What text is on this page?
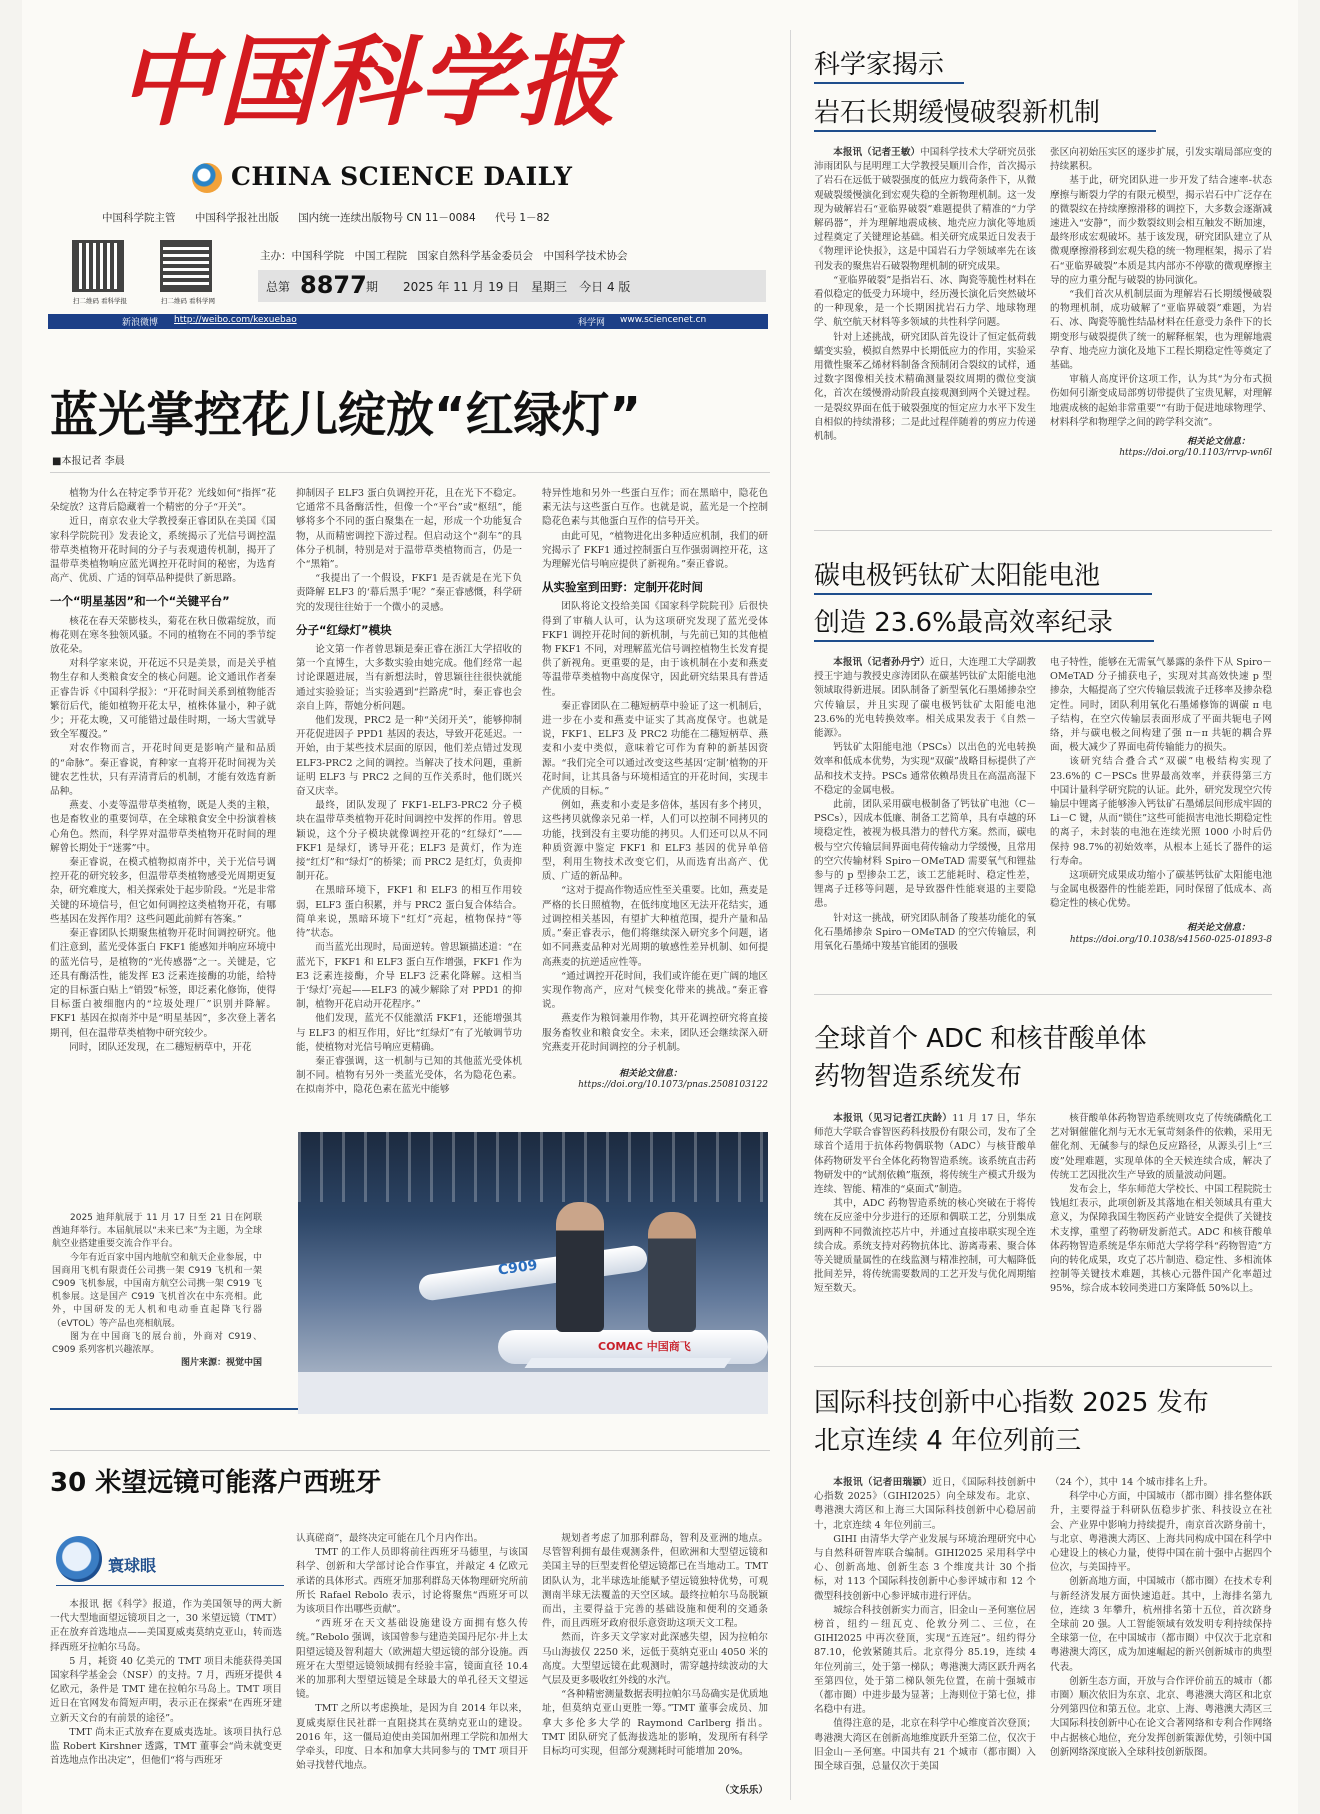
中国科学报
CHINA SCIENCE DAILY
中国科学院主管 中国科学报社出版 国内统一连续出版物号 CN 11－0084 代号 1－82
扫二维码 看科学报	扫二维码 看科学网
主办：中国科学院　中国工程院　国家自然科学基金委员会　中国科学技术协会
总第 8877 期 2025 年 11 月 19 日　星期三　今日 4 版
新浪微博 http://weibo.com/kexuebao	科学网 www.sciencenet.cn
蓝光掌控花儿绽放“红绿灯”
■本报记者 李晨

植物为什么在特定季节开花？光线如何“指挥”花朵绽放？这背后隐藏着一个精密的分子“开关”。

近日，南京农业大学教授秦正睿团队在美国《国家科学院院刊》发表论文，系统揭示了光信号调控温带草类植物开花时间的分子与表观遗传机制，揭开了温带草类植物响应蓝光调控开花时间的秘密，为选育高产、优质、广适的饲草品种提供了新思路。

一个“明星基因”和一个“关键平台”

核花在春天荣膨枝头，菊花在秋日傲霜绽放，而梅花则在寒冬独领风骚。不同的植物在不同的季节绽放花朵。

对科学家来说，开花远不只是美景，而是关乎植物生存和人类粮食安全的核心问题。论文通讯作者秦正睿告诉《中国科学报》：“开花时间关系到植物能否繁衍后代，能如植物开花太早，植株体量小，种子就少；开花太晚，又可能错过最佳时期，一场大雪就导致全军覆没。”

对农作物而言，开花时间更是影响产量和品质的“命脉”。秦正睿说，育种家一直将开花时间视为关键农艺性状，只有弄清背后的机制，才能有效选育新品种。

燕麦、小麦等温带草类植物，既是人类的主粮，也是畜牧业的重要饲草，在全球粮食安全中扮演着核心角色。然而，科学界对温带草类植物开花时间的理解曾长期处于“迷雾”中。

秦正睿说，在模式植物拟南芥中，关于光信号调控开花的研究较多，但温带草类植物感受光周期更复杂，研究难度大，相关探索处于起步阶段。“光是非常关键的环境信号，但它如何调控这类植物开花，有哪些基因在发挥作用？这些问题此前鲜有答案。”

秦正睿团队长期聚焦植物开花时间调控研究。他们注意到，蓝光受体蛋白 FKF1 能感知并响应环境中的蓝光信号，是植物的“光传感器”之一。关键是，它还具有酶活性，能发挥 E3 泛素连接酶的功能，给特定的目标蛋白贴上“销毁”标签，即泛素化修饰，使得目标蛋白被细胞内的“垃圾处理厂”识别并降解。FKF1 基因在拟南芥中是“明星基因”，多次登上著名期刊，但在温带草类植物中研究较少。

同时，团队还发现，在二穗短柄草中，开花

抑制因子 ELF3 蛋白负调控开花，且在光下不稳定。它通常不具备酶活性，但像一个“平台”或“枢纽”，能够将多个不同的蛋白聚集在一起，形成一个功能复合物，从而精密调控下游过程。但启动这个“刹车”的具体分子机制，特别是对于温带草类植物而言，仍是一个“黑箱”。

“我提出了一个假设，FKF1 是否就是在光下负责降解 ELF3 的‘幕后黑手’呢？”秦正睿感慨，科学研究的发现往往始于一个微小的灵感。

分子“红绿灯”模块

论文第一作者曾思颖是秦正睿在浙江大学招收的第一个直博生，大多数实验由她完成。他们经常一起讨论课题进展，当有新想法时，曾思颖往往很快就能通过实验验证；当实验遇到“拦路虎”时，秦正睿也会亲自上阵，帮她分析问题。

他们发现，PRC2 是一种“关闭开关”，能够抑制开花促进因子 PPD1 基因的表达，导致开花延迟。一开始，由于某些技术层面的原因，他们差点错过发现 ELF3-PRC2 之间的调控。当解决了技术问题，重新证明 ELF3 与 PRC2 之间的互作关系时，他们既兴奋又庆幸。

最终，团队发现了 FKF1-ELF3-PRC2 分子模块在温带草类植物开花时间调控中发挥的作用。曾思颖说，这个分子模块就像调控开花的“红绿灯”——FKF1 是绿灯，诱导开花；ELF3 是黄灯，作为连接“红灯”和“绿灯”的桥梁；而 PRC2 是红灯，负责抑制开花。

在黑暗环境下，FKF1 和 ELF3 的相互作用较弱，ELF3 蛋白积累，并与 PRC2 蛋白复合体结合。简单来说，黑暗环境下“红灯”亮起，植物保持“等待”状态。

而当蓝光出现时，局面逆转。曾思颖描述道：“在蓝光下，FKF1 和 ELF3 蛋白互作增强，FKF1 作为 E3 泛素连接酶，介导 ELF3 泛素化降解。这相当于‘绿灯’亮起——ELF3 的减少解除了对 PPD1 的抑制，植物开花启动开花程序。”

他们发现，蓝光不仅能激活 FKF1，还能增强其与 ELF3 的相互作用，好比“红绿灯”有了光敏调节功能，使植物对光信号响应更精确。

秦正睿强调，这一机制与已知的其他蓝光受体机制不同。植物有另外一类蓝光受体，名为隐花色素。在拟南芥中，隐花色素在蓝光中能够

特异性地和另外一些蛋白互作；而在黑暗中，隐花色素无法与这些蛋白互作。也就是说，蓝光是一个控制隐花色素与其他蛋白互作的信号开关。

由此可见，“植物进化出多种适应机制，我们的研究揭示了 FKF1 通过控制蛋白互作强弱调控开花，这为理解光信号响应提供了新视角。”秦正睿说。

从实验室到田野：定制开花时间

团队将论文投给美国《国家科学院院刊》后很快得到了审稿人认可，认为这项研究发现了蓝光受体 FKF1 调控开花时间的新机制，与先前已知的其他植物 FKF1 不同，对理解蓝光信号调控植物生长发育提供了新视角。更重要的是，由于该机制在小麦和燕麦等温带草类植物中高度保守，因此研究结果具有普适性。

秦正睿团队在二穗短柄草中验证了这一机制后，进一步在小麦和燕麦中证实了其高度保守。也就是说，FKF1、ELF3 及 PRC2 功能在二穗短柄草、燕麦和小麦中类似，意味着它可作为育种的新基因资源。“我们完全可以通过改变这些基因‘定制’植物的开花时间，让其具备与环境相适宜的开花时间，实现丰产优质的目标。”

例如，燕麦和小麦是多倍体，基因有多个拷贝，这些拷贝就像亲兄弟一样，人们可以控制不同拷贝的功能，找到没有主要功能的拷贝。人们还可以从不同种质资源中鉴定 FKF1 和 ELF3 基因的优异单倍型，利用生物技术改变它们，从而选育出高产、优质、广适的新品种。

“这对于提高作物适应性至关重要。比如，燕麦是严格的长日照植物，在低纬度地区无法开花结实，通过调控相关基因，有望扩大种植范围，提升产量和品质。”秦正睿表示，他们将继续深入研究多个问题，诸如不同燕麦品种对光周期的敏感性差异机制、如何提高燕麦的抗逆适应性等。

“通过调控开花时间，我们或许能在更广阔的地区实现作物高产，应对气候变化带来的挑战。”秦正睿说。

燕麦作为粮饲兼用作物，其开花调控研究将直接服务畜牧业和粮食安全。未来，团队还会继续深入研究燕麦开花时间调控的分子机制。

相关论文信息：
https://doi.org/10.1073/pnas.2508103122

2025 迪拜航展于 11 月 17 日至 21 日在阿联酋迪拜举行。本届航展以“未来已来”为主题，为全球航空业搭建重要交流合作平台。

今年有近百家中国内地航空和航天企业参展，中国商用飞机有限责任公司携一架 C919 飞机和一架 C909 飞机参展，中国南方航空公司携一架 C919 飞机参展。这是国产 C919 飞机首次在中东亮相。此外，中国研发的无人机和电动垂直起降飞行器（eVTOL）等产品也亮相航展。

图为在中国商飞的展台前，外商对 C919、C909 系列客机兴趣浓厚。

图片来源：视觉中国
C909
COMAC 中国商飞
30 米望远镜可能落户西班牙
寰球眼

本报讯 据《科学》报道，作为美国领导的两大新一代大型地面望远镜项目之一，30 米望远镜（TMT）正在放弃首选地点——美国夏威夷莫纳克亚山，转而选择西班牙拉帕尔马岛。

5 月，耗资 40 亿美元的 TMT 项目未能获得美国国家科学基金会（NSF）的支持。7 月，西班牙提供 4 亿欧元，条件是 TMT 建在拉帕尔马岛上。TMT 项目近日在官网发布简短声明，表示正在探索“在西班牙建立新天文台的有前景的途径”。

TMT 尚未正式放弃在夏威夷选址。该项目执行总监 Robert Kirshner 透露，TMT 董事会“尚未就变更首选地点作出决定”，但他们“将与西班牙

认真磋商”，最终决定可能在几个月内作出。

TMT 的工作人员即将前往西班牙马德里，与该国科学、创新和大学部讨论合作事宜，并敲定 4 亿欧元承诺的具体形式。西班牙加那利群岛天体物理研究所前所长 Rafael Rebolo 表示，讨论将聚焦“西班牙可以为该项目作出哪些贡献”。

“西班牙在天文基础设施建设方面拥有悠久传统。”Rebolo 强调，该国曾参与建造美国丹尼尔·井上太阳望远镜及智利超大（欧洲超大望远镜的部分设施。西班牙在大型望远镜领域拥有经验丰富，镜面直径 10.4 米的加那利大型望远镜是全球最大的单孔径天文望远镜。

TMT 之所以考虑换址，是因为自 2014 年以来，夏威夷原住民社群一直阻挠其在莫纳克亚山的建设。2016 年，这一僵局迫使由美国加州理工学院和加州大学牵头，印度、日本和加拿大共同参与的 TMT 项目开始寻找替代地点。

规划者考虑了加那利群岛，智利及亚洲的地点。尽管智利拥有最佳观测条件，但欧洲和大型望远镜和美国主导的巨型麦哲伦望远镜都已在当地动工。TMT 团队认为，北半球选址能赋予望远镜独特优势，可观测南半球无法覆盖的天空区域。最终拉帕尔马岛脱颖而出，主要得益于完善的基础设施和便利的交通条件，而且西班牙政府很乐意资助这项天文工程。

然而，许多天文学家对此深感失望，因为拉帕尔马山海拔仅 2250 米，远低于莫纳克亚山 4050 米的高度。大型望远镜在此观测时，需穿越持续波动的大气层及更多吸收红外线的水汽。

“各种精密测量数据表明拉帕尔马岛确实是优质地址，但莫纳克亚山更胜一筹。”TMT 董事会成员、加拿大多伦多大学的 Raymond Carlberg 指出。TMT 团队研究了低海拔选址的影响，发现所有科学目标均可实现，但部分观测耗时可能增加 20%。

（文乐乐）
科学家揭示
岩石长期缓慢破裂新机制

本报讯（记者王敏）中国科学技术大学研究员张沛雨团队与昆明理工大学教授吴顺川合作，首次揭示了岩石在远低于破裂强度的低应力载荷条件下，从微观破裂缓慢演化到宏观失稳的全新物理机制。这一发现为破解岩石“亚临界破裂”难题提供了精准的“力学解码器”，并为理解地震成核、地壳应力演化等地质过程奠定了关键理论基础。相关研究成果近日发表于《物理评论快报》，这是中国岩石力学领域率先在该刊发表的聚焦岩石破裂物理机制的研究成果。

“亚临界破裂”是指岩石、冰、陶瓷等脆性材料在看似稳定的低受力环境中，经历漫长演化后突然破坏的一种现象，是一个长期困扰岩石力学、地球物理学、航空航天材料等多领域的共性科学问题。

针对上述挑战，研究团队首先设计了恒定低荷载蠕变实验，模拟自然界中长期低应力的作用，实验采用微性聚苯乙烯材料制备含预制闭合裂纹的试样，通过数字图像相关技术精确测量裂纹周期的微位变演化，首次在缓慢滑动阶段直接观测到两个关键过程。一是裂纹界面在低于破裂强度的恒定应力水平下发生自相似的持续滑移；二是此过程伴随着的剪应力传递机制。

张区向初始压实区的逐步扩展，引发实端局部应变的持续累积。

基于此，研究团队进一步开发了结合速率-状态摩擦与断裂力学的有限元模型，揭示岩石中广泛存在的微裂纹在持续摩擦滑移的调控下，大多数会逐渐减速进入“安静”，而少数裂纹则会相互触发不断加速，最终形成宏观破坏。基于该发现，研究团队建立了从微观摩擦滑移到宏观失稳的统一物理框架，揭示了岩石“亚临界破裂”本质是其内部亦不停歇的微观摩擦主导的应力重分配与破裂的协同演化。

“我们首次从机制层面为理解岩石长期缓慢破裂的物理机制，成功破解了“亚临界破裂”难题，为岩石、冰、陶瓷等脆性结晶材料在任意受力条件下的长期变形与破裂提供了统一的解释框架，也为理解地震孕育、地壳应力演化及地下工程长期稳定性等奠定了基础。

审稿人高度评价这项工作，认为其“为分布式损伤如何引渐变成局部剪切带提供了宝贵见解，对理解地震成核的起始非常重要”“有助于促进地球物理学、材料科学和物理学之间的跨学科交流”。

相关论文信息：
https://doi.org/10.1103/rrvp-wn6l
碳电极钙钛矿太阳能电池
创造 23.6%最高效率纪录

本报讯（记者孙丹宁）近日，大连理工大学副教授王宇迪与教授史彦涛团队在碳基钙钛矿太阳能电池领域取得新进展。团队制备了新型氧化石墨烯掺杂空穴传输层，并且实现了碳电极钙钛矿太阳能电池 23.6%的光电转换效率。相关成果发表于《自然－能源》。

钙钛矿太阳能电池（PSCs）以出色的光电转换效率和低成本优势，为实现“双碳”战略目标提供了产品和技术支持。PSCs 通常依赖昂贵且在高温高湿下不稳定的金属电极。

此前，团队采用碳电极制备了钙钛矿电池（C－PSCs），因成本低廉、制备工艺简单，具有卓越的环境稳定性，被视为极具潜力的替代方案。然而，碳电极与空穴传输层间界面电荷传输动力学缓慢，且常用的空穴传输材料 Spiro－OMeTAD 需要氧气和锂盐参与的 p 型掺杂工艺，该工艺能耗时、稳定性差，锂离子迁移等问题，是导致器件性能衰退的主要隐患。

针对这一挑战，研究团队制备了羧基功能化的氧化石墨烯掺杂 Spiro－OMeTAD 的空穴传输层，利用氧化石墨烯中羧基官能团的强吸

电子特性，能够在无需氧气暴露的条件下从 Spiro－OMeTAD 分子捕获电子，实现对其高效快速 p 型掺杂，大幅提高了空穴传输层载流子迁移率及掺杂稳定性。同时，团队利用氧化石墨烯修饰的调碳 π 电子结构，在空穴传输层表面形成了平面共轭电子网络，并与碳电极之间构建了强 π－π 共轭的耦合界面，极大减少了界面电荷传输能力的损失。

该研究结合叠合式“双碳”电极结构实现了 23.6%的 C－PSCs 世界最高效率，并获得第三方中国计量科学研究院的认证。此外，研究发现空穴传输层中锂离子能够渗入钙钛矿石墨烯层间形成牢固的 Li－C 键，从而“锁住”这些可能损害电池长期稳定性的离子，未封装的电池在连续光照 1000 小时后仍保持 98.7%的初始效率，从根本上延长了器件的运行寿命。

这项研究成果成功缩小了碳基钙钛矿太阳能电池与金属电极器件的性能差距，同时保留了低成本、高稳定性的核心优势。

相关论文信息：
https://doi.org/10.1038/s41560-025-01893-8
全球首个 ADC 和核苷酸单体
药物智造系统发布

本报讯（见习记者江庆龄）11 月 17 日，华东师范大学联合睿智医药科技股份有限公司，发布了全球首个适用于抗体药物偶联物（ADC）与核苷酸单体药物研发平台全体化药物智造系统。该系统直击药物研发中的“试剂依赖”瓶颈，将传统生产模式升级为连续、智能、精准的“桌面式”制造。

其中，ADC 药物智造系统的核心突破在于将传统在反应釜中分步进行的还原和偶联工艺，分别集成到两种不同微流控芯片中，并通过直接串联实现全连续合成。系统支持对药物抗体比、游离毒素、聚合体等关键质量属性的在线监测与精准控制，可大幅降低批间差异，将传统需要数周的工艺开发与优化周期缩短至数天。

核苷酸单体药物智造系统则攻克了传统磷酰化工艺对铜催催化剂与无水无氧苛刻条件的依赖，采用无催化剂、无碱参与的绿色反应路径，从源头引上“三废”处理难题，实现单体的全天候连续合成，解决了传统工艺因批次生产导致的质量波动问题。

发布会上，华东师范大学校长、中国工程院院士钱旭红表示，此项创新及其落地在相关领域具有重大意义，为保障我国生物医药产业链安全提供了关键技术支撑，重塑了药物研发新范式。ADC 和核苷酸单体药物智造系统是华东师范大学将学科“药物智造”方向的转化成果，攻克了芯片制造、稳定性、多相流体控制等关键技术难题，其核心元器件国产化率超过 95%，综合成本较同类进口方案降低 50%以上。

国际科技创新中心指数 2025 发布
北京连续 4 年位列前三

本报讯（记者田瑞颖）近日，《国际科技创新中心指数 2025》（GIHI2025）向全球发布。北京、粤港澳大湾区和上海三大国际科技创新中心稳居前十，北京连续 4 年位列前三。

GIHI 由清华大学产业发展与环境治理研究中心与自然科研智库联合编制。GIHI2025 采用科学中心、创新高地、创新生态 3 个维度共计 30 个指标，对 113 个国际科技创新中心参评城市和 12 个微型科技创新中心参评城市进行评估。

城综合科技创新实力而言，旧金山－圣何塞位居榜首，纽约－纽瓦克、伦敦分列二、三位，在 GIHI2025 中再次登顶，实现“五连冠”。纽约得分 87.10，伦敦紧随其后。北京得分 85.19，连续 4 年位列前三，处于第一梯队；粤港澳大湾区跃升两名至第四位，处于第二梯队领先位置，在前十强城市（都市圈）中进步最为显著；上海则位于第七位，排名稳中有进。

值得注意的是，北京在科学中心维度首次登顶；粤港澳大湾区在创新高地维度跃升至第二位，仅次于旧金山－圣何塞。中国共有 21 个城市（都市圈）入围全球百强，总量仅次于美国

（24 个），其中 14 个城市排名上升。

科学中心方面，中国城市（都市圈）排名整体跃升，主要得益于科研队伍稳步扩张、科技设立在社会、产业界中影响力持续提升，南京首次跻身前十，与北京、粤港澳大湾区、上海共同构成中国在科学中心建设上的核心力量，使得中国在前十强中占据四个位次，与美国持平。

创新高地方面，中国城市（都市圈）在技术专利与新经济发展方面快速追赶。其中，上海排名第九位，连续 3 年攀升，杭州排名第十五位，首次跻身全球前 20 强。人工智能领域有效发明专利持续保持全球第一位，在中国城市（都市圈）中仅次于北京和粤港澳大湾区，成为加速崛起的新兴创新城市的典型代表。

创新生态方面，开放与合作评价前五的城市（都市圈）顺次依旧为东京、北京、粤港澳大湾区和北京分列第四位和第五位。北京、上海、粤港澳大湾区三大国际科技创新中心在论文合著网络和专利合作网络中占据核心地位，充分发挥创新策源优势，引领中国创新网络深度嵌入全球科技创新版图。
